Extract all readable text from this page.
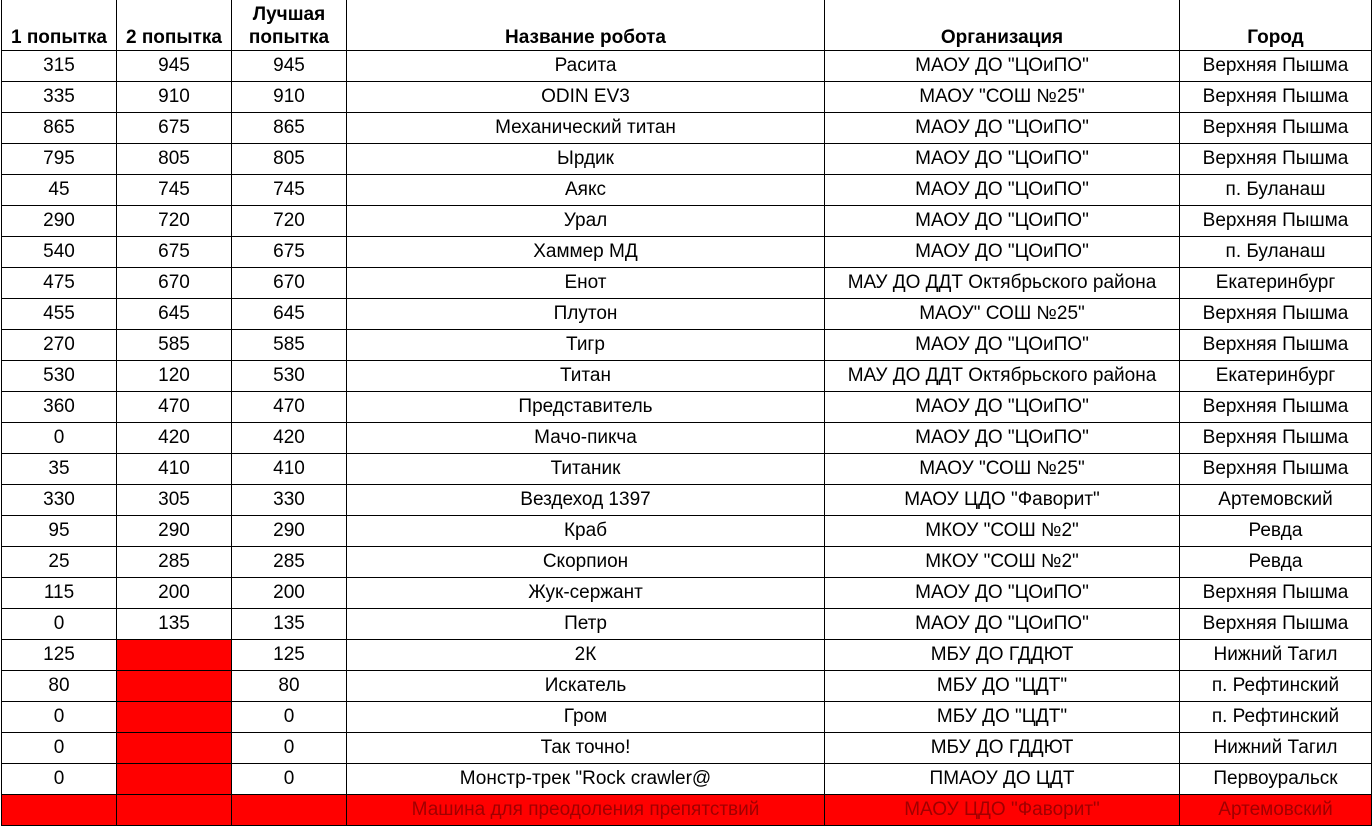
1 попытка	2 попытка	Лучшая попытка	Название робота	Организация	Город
315	945	945	Расита	МАОУ ДО "ЦОиПО"	Верхняя Пышма
335	910	910	ODIN EV3	МАОУ "СОШ №25"	Верхняя Пышма
865	675	865	Механический титан	МАОУ ДО "ЦОиПО"	Верхняя Пышма
795	805	805	Ырдик	МАОУ ДО "ЦОиПО"	Верхняя Пышма
45	745	745	Аякс	МАОУ ДО "ЦОиПО"	п. Буланаш
290	720	720	Урал	МАОУ ДО "ЦОиПО"	Верхняя Пышма
540	675	675	Хаммер МД	МАОУ ДО "ЦОиПО"	п. Буланаш
475	670	670	Енот	МАУ ДО ДДТ Октябрьского района	Екатеринбург
455	645	645	Плутон	МАОУ" СОШ №25"	Верхняя Пышма
270	585	585	Тигр	МАОУ ДО "ЦОиПО"	Верхняя Пышма
530	120	530	Титан	МАУ ДО ДДТ Октябрьского района	Екатеринбург
360	470	470	Представитель	МАОУ ДО "ЦОиПО"	Верхняя Пышма
0	420	420	Мачо-пикча	МАОУ ДО "ЦОиПО"	Верхняя Пышма
35	410	410	Титаник	МАОУ "СОШ №25"	Верхняя Пышма
330	305	330	Вездеход 1397	МАОУ ЦДО "Фаворит"	Артемовский
95	290	290	Краб	МКОУ "СОШ №2"	Ревда
25	285	285	Скорпион	МКОУ "СОШ №2"	Ревда
115	200	200	Жук-сержант	МАОУ ДО "ЦОиПО"	Верхняя Пышма
0	135	135	Петр	МАОУ ДО "ЦОиПО"	Верхняя Пышма
125		125	2К	МБУ ДО ГДДЮТ	Нижний Тагил
80		80	Искатель	МБУ ДО "ЦДТ"	п. Рефтинский
0		0	Гром	МБУ ДО "ЦДТ"	п. Рефтинский
0		0	Так точно!	МБУ ДО ГДДЮТ	Нижний Тагил
0		0	Монстр-трек "Rock crawler@	ПМАОУ ДО ЦДТ	Первоуральск
			Машина для преодоления препятствий	МАОУ ЦДО "Фаворит"	Артемовский
